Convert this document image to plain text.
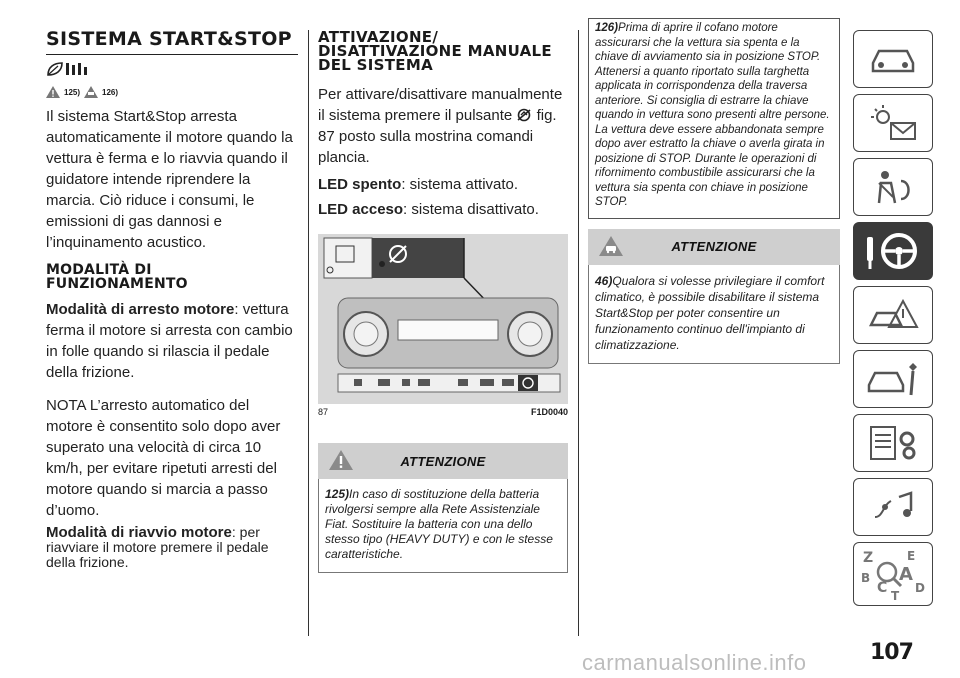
SISTEMA START&STOP
125)	126)

Il sistema Start&Stop arresta automaticamente il motore quando la vettura è ferma e lo riavvia quando il guidatore intende riprendere la marcia. Ciò riduce i consumi, le emissioni di gas dannosi e l’inquinamento acustico.

MODALITÀ DI FUNZIONAMENTO

Modalità di arresto motore: vettura ferma il motore si arresta con cambio in folle quando si rilascia il pedale della frizione.

NOTA L’arresto automatico del motore è consentito solo dopo aver superato una velocità di circa 10 km/h, per evitare ripetuti arresti del motore quando si marcia a passo d’uomo.

Modalità di riavvio motore: per riavviare il motore premere il pedale della frizione.

ATTIVAZIONE/ DISATTIVAZIONE MANUALE DEL SISTEMA

Per attivare/disattivare manualmente il sistema premere il pulsante fig. 87 posto sulla mostrina comandi plancia.

LED spento: sistema attivato.

LED acceso: sistema disattivato.

87	F1D0040
ATTENZIONE
125)In caso di sostituzione della batteria rivolgersi sempre alla Rete Assistenziale Fiat. Sostituire la batteria con una dello stesso tipo (HEAVY DUTY) e con le stesse caratteristiche.
126)Prima di aprire il cofano motore assicurarsi che la vettura sia spenta e la chiave di avviamento sia in posizione STOP. Attenersi a quanto riportato sulla targhetta applicata in corrispondenza della traversa anteriore. Si consiglia di estrarre la chiave quando in vettura sono presenti altre persone. La vettura deve essere abbandonata sempre dopo aver estratto la chiave o averla girata in posizione di STOP. Durante le operazioni di rifornimento combustibile assicurarsi che la vettura sia spenta con chiave in posizione STOP.
ATTENZIONE
46)Qualora si volesse privilegiare il comfort climatico, è possibile disabilitare il sistema Start&Stop per poter consentire un funzionamento continuo dell'impianto di climatizzazione.
Z	E
A
B
C D
T
107
carmanualsonline.info
